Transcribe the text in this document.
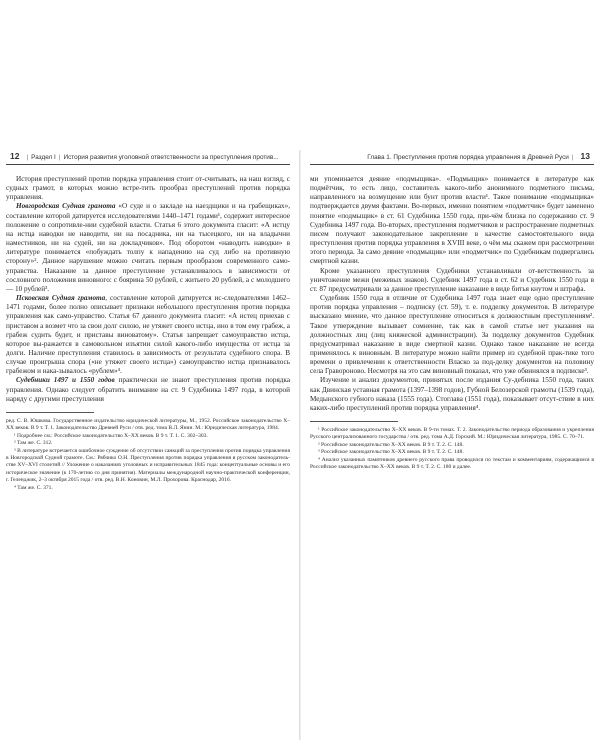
12 | Раздел I | История развития уголовной ответственности за преступления против...

История преступлений против порядка управления стоит от-считывать, на наш взгляд, с судных грамот, в которых можно встре-тить прообраз преступлений против порядка управления.

Новгородская Судная грамота «О суде и о закладе на наездщики и на грабещиках», составление которой датируется исследователями 1440–1471 годами¹, содержит интересное положение о сопротивле-нии судебной власти. Статья 6 этого документа гласит: «А истцу на истца наводки не наводити, ни на посадника, ни на тысецкого, ни на владычни наместников, ни на судей, ни на докладчиков». Под оборотом «наводить наводки» в литературе понимается «побуждать толпу к нападению на суд либо на противную сторону»². Данное нарушение можно считать первым прообразом современного само-управства. Наказание за данное преступление устанавливалось в зависимости от сословного положения виновного: с боярина 50 рублей, с житьего 20 рублей, а с молодшего — 10 рублей³.

Псковская Судная грамота, составление которой датируется ис-следователями 1462–1471 годами, более полно описывает признаки небольшого преступления против порядка управления как само-управство. Статья 67 данного документа гласит: «А истец приехав с приставом а возмет что за свои долг силою, не утяжет своего истца, ино в том ему грабеж, а грабеж судить будет, и приставы виноватому». Статья запрещает самоуправство истца, которое вы-ражается в самовольном изъятии силой какого-либо имущества от истца за долги. Наличие преступления ставилось в зависимость от результата судебного спора. В случае проигрыша спора («не утяжет своего истца») самоуправство истца признавалось грабежом и нака-зывалось «рублем»⁴.

Судебники 1497 и 1550 годов практически не знают преступления против порядка управления. Однако следует обратить внимание на ст. 9 Судебника 1497 года, в которой наряду с другими преступления

ред. С. В. Юшкова. Государственное издательство юридической литературы, М., 1952. Российское законодательство X–XX веков. В 9 т. Т. 1. Законодательство Древней Руси / отв. ред. тома В.Л. Янин. М.: Юридическая литература, 1984.

¹ Подробнее см.: Российское законодательство X–XX веков. В 9 т. Т. 1. С. 302–303.

² Там же. С. 312.

³ В литературе встречается ошибочное суждение об отсутствии санкций за преступления против порядка управления в Новгородской Судной грамоте. См.: Рябчико О.Н. Преступления против порядка управления в русском законодатель-стве XV–XVI столетий // Уложение о наказаниях уголовных и исправительных 1845 года: концептуальные основы и его историческое значение (к 170-летию со дня принятия). Материалы международной научно-практической конференции, г. Геленджик, 2–3 октября 2015 года / отв. ред. В.Н. Коновин, М.Л. Прохорова. Краснодар, 2016.

⁴ Там же. С. 371.

Глава 1. Преступления против порядка управления в Древней Руси | 13

ми упоминается деяние «подмыщика». «Подмыщик» понимается в литературе как подмётчик, то есть лицо, составитель какого-либо анонимного подметного письма, направленного на возмущение или бунт против власти¹. Такое понимание «подмыщика» подтверждается двумя фактами. Во-первых, именно понятием «подметчик» будет заменено понятие «подмыщик» в ст. 61 Судебника 1550 года, при-чём близка по содержанию ст. 9 Судебника 1497 года. Во-вторых, преступления подметчиков и распространение подметных писем получают законодательное закрепление в качестве самостоятельного вида преступления против порядка управления в XVIII веке, о чём мы скажем при рассмотрении этого периода. За само деяние «подмыщик» или «подметчик» по Судебникам подвергались смертной казни.

Кроме указанного преступления Судебники устанавливали от-ветственность за уничтожение межи (межевых знаков). Судебник 1497 года в ст. 62 и Судебник 1550 года в ст. 87 предусматривали за данное преступление наказание в виде битья кнутом и штрафа.

Судебник 1550 года в отличие от Судебника 1497 года знает еще одно преступление против порядка управления – подписку (ст. 59), т. е. подделку документов. В литературе высказано мнение, что данное преступление относиться к должностным преступлениям². Такое утверждение вызывает сомнение, так как в самой статье нет указания на должностных лиц (лиц княжеской администрации). За подделку документов Судебник предусматривал наказание в виде смертной казни. Однако такое наказание не всегда применялось к виновным. В литературе можно найти пример из судебной прак-тике того времени о привлечении к ответственности Власко за под-делку документов на половину села Гравороново. Несмотря на это сам виновный показал, что уже обвинялся в подписке³.

Изучение и анализ документов, принятых после издания Су-дебника 1550 года, таких как Двинская уставная грамота (1397–1398 годов), Губной Белозерской грамоты (1539 года), Медынского губного наказа (1555 года). Стоглава (1551 года), показывает отсут-ствие в них каких-либо преступлений против порядка управления⁴.

¹ Российское законодательство X–XX веков. В 9-ти томах. Т. 2. Законодательство периода образования и укрепления Русского централизованного государства / отв. ред. тома А.Д. Горский. М.: Юридическая литература, 1985. С. 70–71.

² Российское законодательство X–XX веков. В 9 т. Т. 2. С. 148.

³ Российское законодательство X–XX веков. В 9 т. Т. 2. С. 148.

⁴ Анализ указанных памятников древнего русского права проводился по текстам и комментариям, содержащимся в Российское законодательство X–XX веков. В 9 т. Т. 2. С. 180 и далее.
